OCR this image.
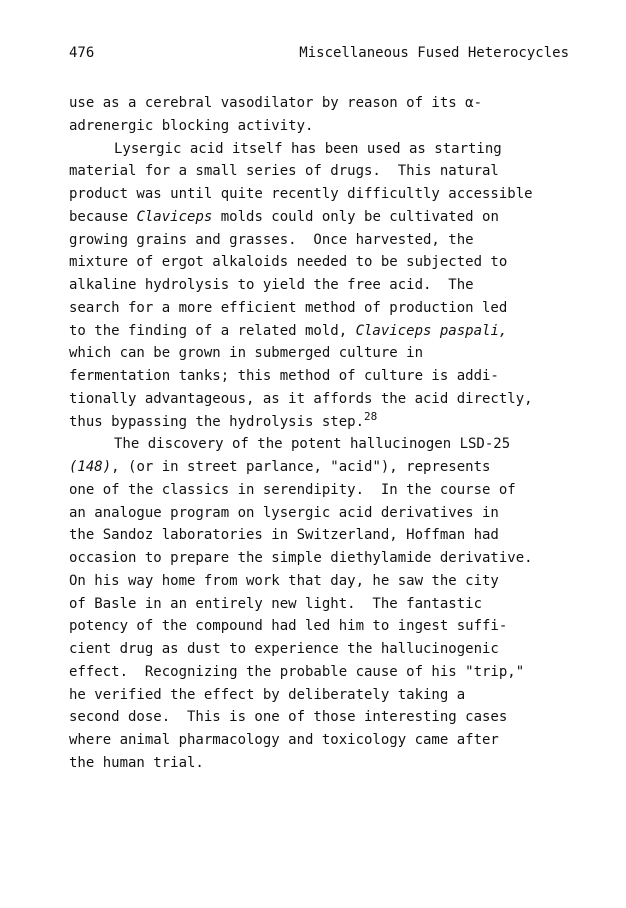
476	Miscellaneous Fused Heterocycles
use as a cerebral vasodilator by reason of its α-
adrenergic blocking activity.
Lysergic acid itself has been used as starting
material for a small series of drugs.  This natural
product was until quite recently difficultly accessible
because Claviceps molds could only be cultivated on
growing grains and grasses.  Once harvested, the
mixture of ergot alkaloids needed to be subjected to
alkaline hydrolysis to yield the free acid.  The
search for a more efficient method of production led
to the finding of a related mold, Claviceps paspali,
which can be grown in submerged culture in
fermentation tanks; this method of culture is addi-
tionally advantageous, as it affords the acid directly,
thus bypassing the hydrolysis step.$^{28}$
The discovery of the potent hallucinogen LSD-25
(148), (or in street parlance, "acid"), represents
one of the classics in serendipity.  In the course of
an analogue program on lysergic acid derivatives in
the Sandoz laboratories in Switzerland, Hoffman had
occasion to prepare the simple diethylamide derivative.
On his way home from work that day, he saw the city
of Basle in an entirely new light.  The fantastic
potency of the compound had led him to ingest suffi-
cient drug as dust to experience the hallucinogenic
effect.  Recognizing the probable cause of his "trip,"
he verified the effect by deliberately taking a
second dose.  This is one of those interesting cases
where animal pharmacology and toxicology came after
the human trial.
